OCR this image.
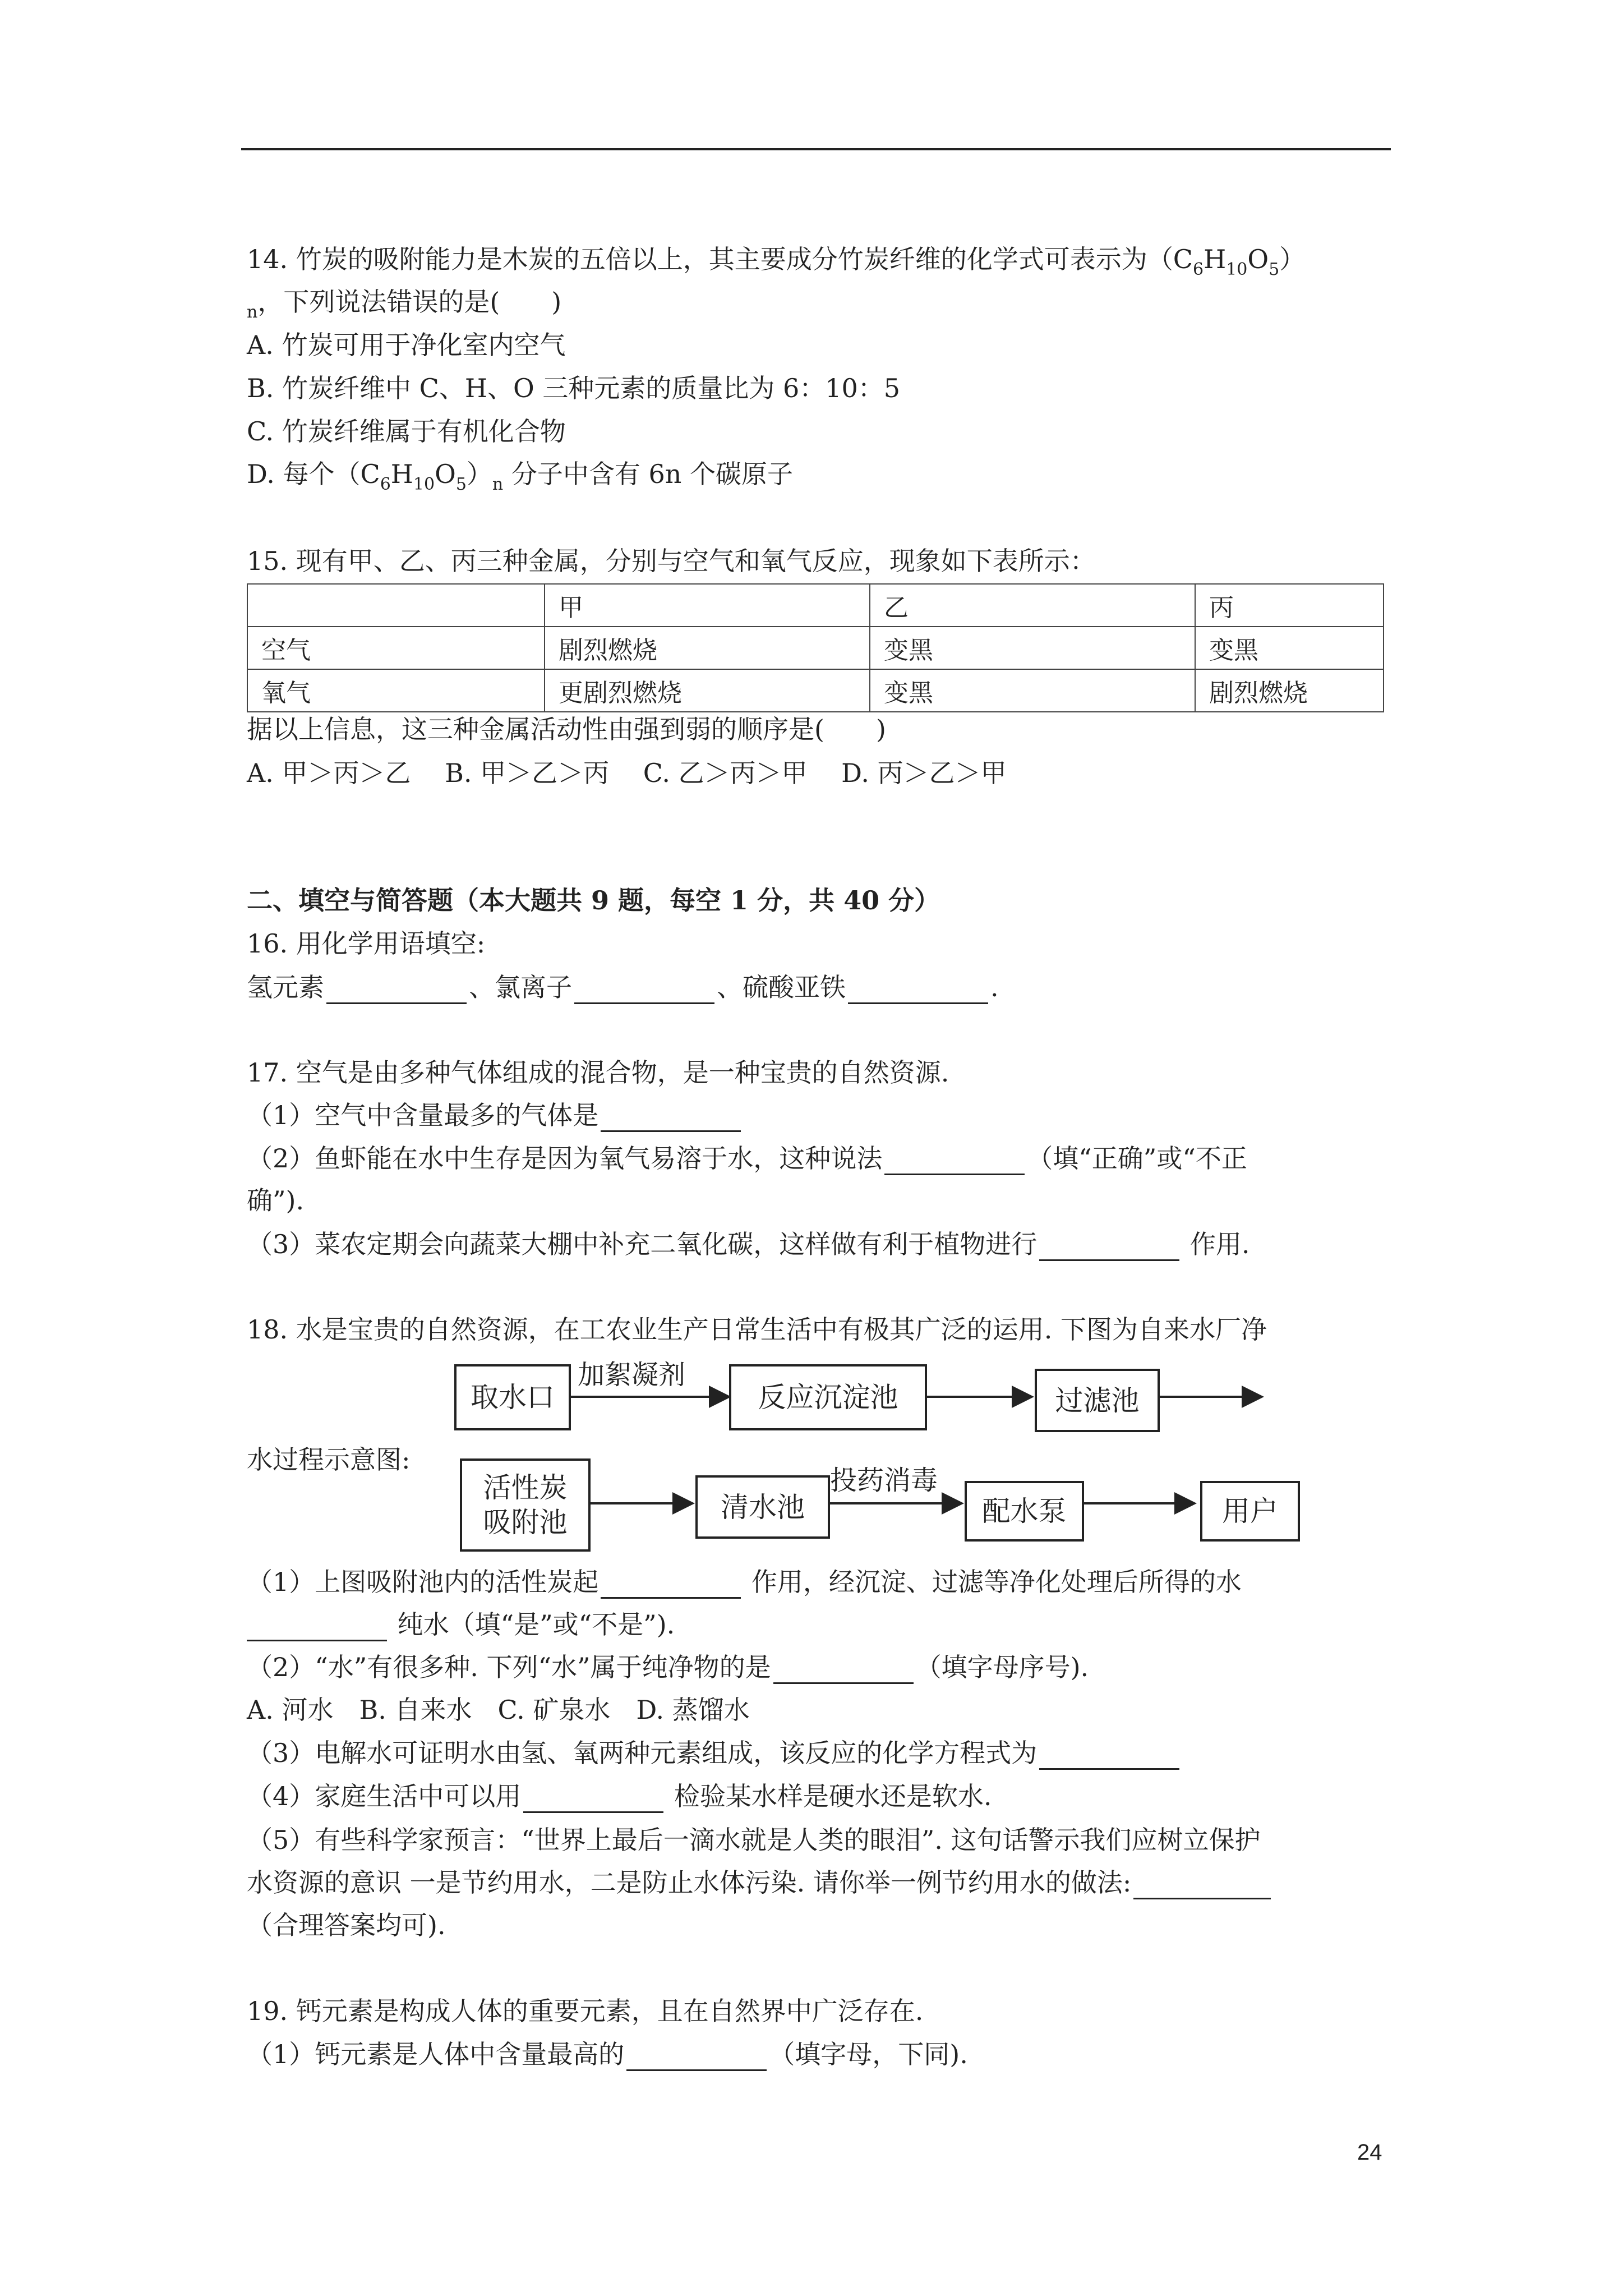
14. 竹炭的吸附能力是木炭的五倍以上，其主要成分竹炭纤维的化学式可表示为$(C_6H_{10}O_5)$
$_n$，下列说法错误的是(　　)
A. 竹炭可用于净化室内空气
B. 竹炭纤维中 C、H、O 三种元素的质量比为 6：10：5
C. 竹炭纤维属于有机化合物
D. 每个$(C_6H_{10}O_5)_n$ 分子中含有 6n 个碳原子
15. 现有甲、乙、丙三种金属，分别与空气和氧气反应，现象如下表所示：
	甲	乙	丙
空气	剧烈燃烧	变黑	变黑
氧气	更剧烈燃烧	变黑	剧烈燃烧
据以上信息，这三种金属活动性由强到弱的顺序是(　　)
A. 甲＞丙＞乙　 B. 甲＞乙＞丙　 C. 乙＞丙＞甲　 D. 丙＞乙＞甲
二、填空与简答题（本大题共 9 题，每空 1 分，共 40 分）
16. 用化学用语填空:
氢元素	、氯离子	、硫酸亚铁	.
17. 空气是由多种气体组成的混合物，是一种宝贵的自然资源.
（1）空气中含量最多的气体是
（2）鱼虾能在水中生存是因为氧气易溶于水，这种说法	（填“正确”或“不正
确”).
（3）菜农定期会向蔬菜大棚中补充二氧化碳，这样做有利于植物进行	作用.
18. 水是宝贵的自然资源，在工农业生产日常生活中有极其广泛的运用. 下图为自来水厂净
取水口
加絮凝剂
反应沉淀池	过滤池
水过程示意图:
活性炭
吸附池	清水池
投药消毒
配水泵	用户
（1）上图吸附池内的活性炭起	作用，经沉淀、过滤等净化处理后所得的水
纯水（填“是”或“不是”).
（2）“水”有很多种. 下列“水”属于纯净物的是	（填字母序号).
A. 河水　B. 自来水　C. 矿泉水　D. 蒸馏水
（3）电解水可证明水由氢、氧两种元素组成，该反应的化学方程式为
（4）家庭生活中可以用	检验某水样是硬水还是软水.
（5）有些科学家预言：“世界上最后一滴水就是人类的眼泪”. 这句话警示我们应树立保护
水资源的意识 一是节约用水，二是防止水体污染. 请你举一例节约用水的做法:
（合理答案均可).
19. 钙元素是构成人体的重要元素，且在自然界中广泛存在.
（1）钙元素是人体中含量最高的	（填字母，下同).
24
